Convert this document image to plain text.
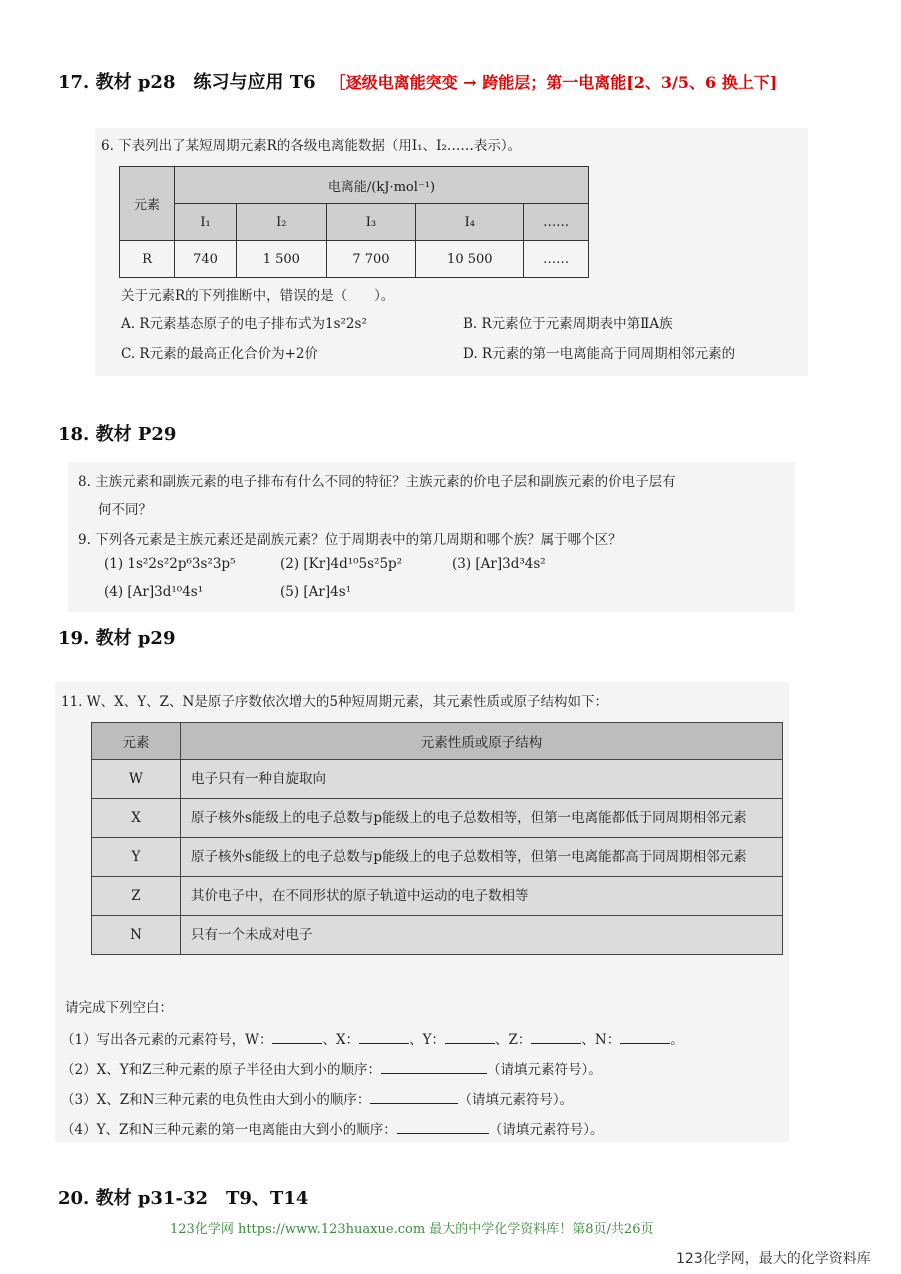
17. 教材 p28　练习与应用 T6 ［逐级电离能突变 → 跨能层；第一电离能[2、3/5、6 换上下]
6. 下表列出了某短周期元素R的各级电离能数据（用I₁、I₂……表示）。
元素	电离能/(kJ·mol⁻¹)				
	I₁	I₂	I₃	I₄	……
R	740	1 500	7 700	10 500	……
关于元素R的下列推断中，错误的是（　　）。
A. R元素基态原子的电子排布式为1s²2s²	B. R元素位于元素周期表中第ⅡA族
C. R元素的最高正化合价为+2价	D. R元素的第一电离能高于同周期相邻元素的
18. 教材 P29
8. 主族元素和副族元素的电子排布有什么不同的特征？主族元素的价电子层和副族元素的价电子层有
何不同？
9. 下列各元素是主族元素还是副族元素？位于周期表中的第几周期和哪个族？属于哪个区？
(1) 1s²2s²2p⁶3s²3p⁵	(2) [Kr]4d¹⁰5s²5p²	(3) [Ar]3d³4s²
(4) [Ar]3d¹⁰4s¹	(5) [Ar]4s¹
19. 教材 p29
11. W、X、Y、Z、N是原子序数依次增大的5种短周期元素，其元素性质或原子结构如下：
元素	元素性质或原子结构
W	电子只有一种自旋取向
X	原子核外s能级上的电子总数与p能级上的电子总数相等，但第一电离能都低于同周期相邻元素
Y	原子核外s能级上的电子总数与p能级上的电子总数相等，但第一电离能都高于同周期相邻元素
Z	其价电子中，在不同形状的原子轨道中运动的电子数相等
N	只有一个未成对电子
请完成下列空白：
（1）写出各元素的元素符号，W：	、X：	、Y：	、Z：	、N：	。
（2）X、Y和Z三种元素的原子半径由大到小的顺序：	（请填元素符号）。
（3）X、Z和N三种元素的电负性由大到小的顺序：	（请填元素符号）。
（4）Y、Z和N三种元素的第一电离能由大到小的顺序：	（请填元素符号）。
20. 教材 p31-32　T9、T14
123化学网 https://www.123huaxue.com 最大的中学化学资料库！第8页/共26页
123化学网，最大的化学资料库
